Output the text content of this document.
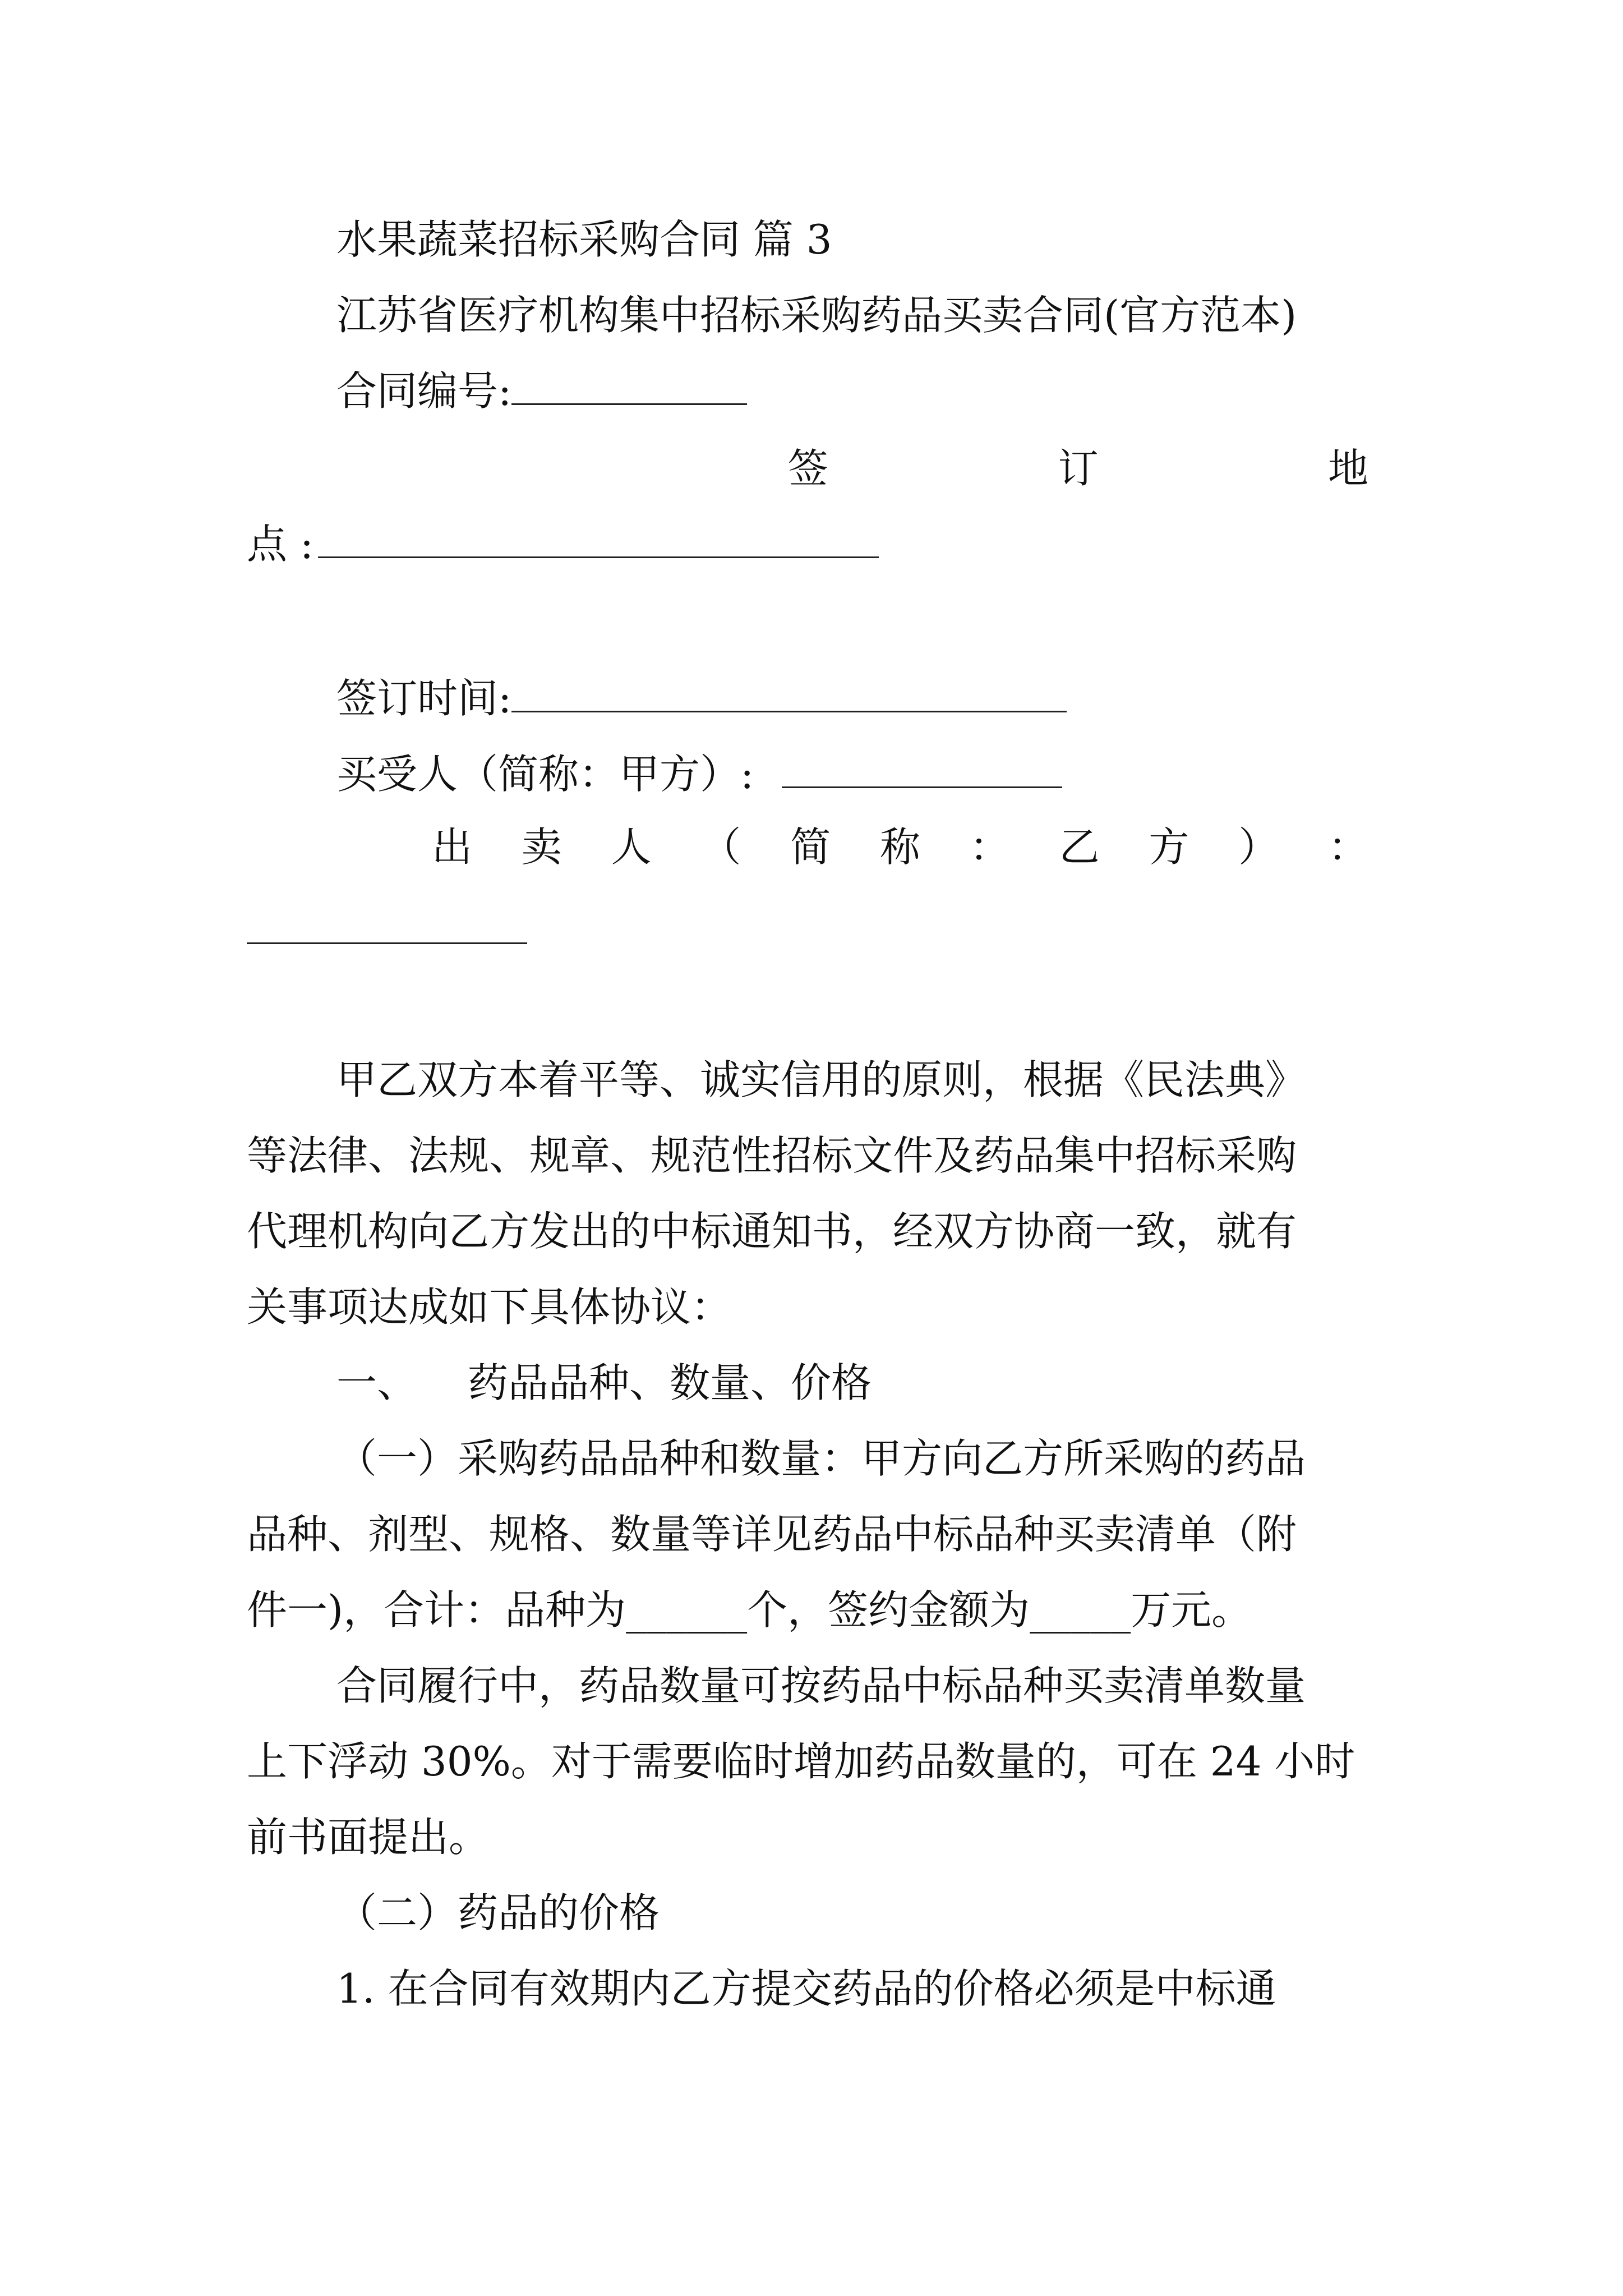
水果蔬菜招标采购合同 篇 3
江苏省医疗机构集中招标采购药品买卖合同(官方范本)
合同编号:
签	订	地
点 :
签订时间:
买受人（简称：甲方）:
出 卖 人 （ 简 称 ： 乙 方 ） ：
甲乙双方本着平等、诚实信用的原则，根据《民法典》
等法律、法规、规章、规范性招标文件及药品集中招标采购
代理机构向乙方发出的中标通知书，经双方协商一致，就有
关事项达成如下具体协议：
一、 药品品种、数量、价格
（一）采购药品品种和数量：甲方向乙方所采购的药品
品种、剂型、规格、数量等详见药品中标品种买卖清单（附
件一)，合计：品种为______个，签约金额为_____万元。
合同履行中，药品数量可按药品中标品种买卖清单数量
上下浮动 30%。对于需要临时增加药品数量的，可在 24 小时
前书面提出。
（二）药品的价格
1. 在合同有效期内乙方提交药品的价格必须是中标通
